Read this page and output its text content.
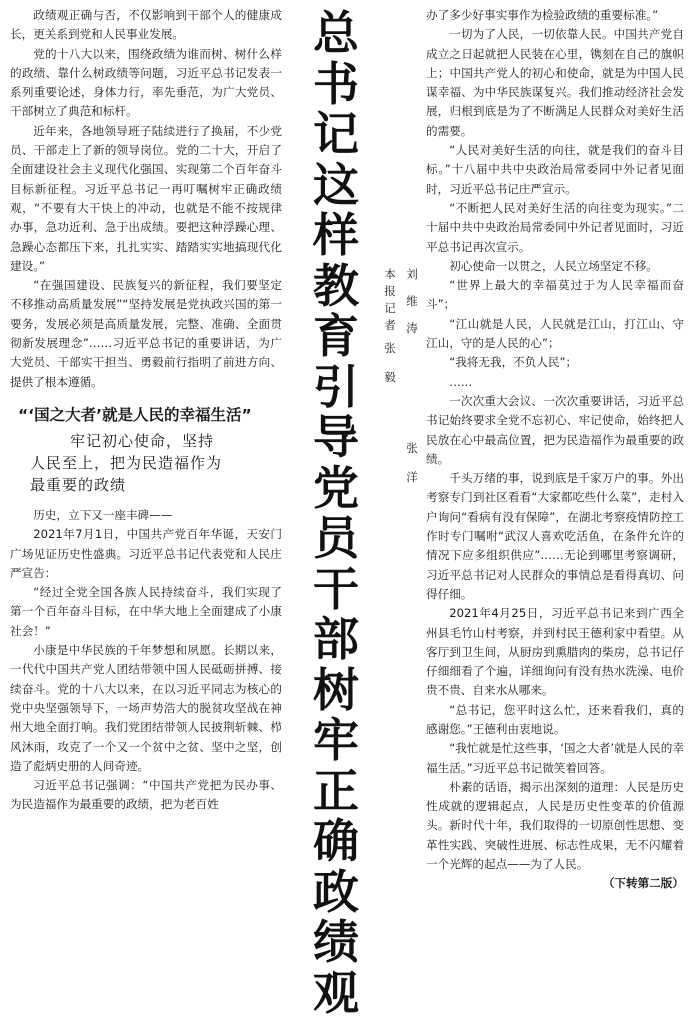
政绩观正确与否，不仅影响到干部个人的健康成长，更关系到党和人民事业发展。

党的十八大以来，围绕政绩为谁而树、树什么样的政绩、靠什么树政绩等问题，习近平总书记发表一系列重要论述，身体力行，率先垂范，为广大党员、干部树立了典范和标杆。

近年来，各地领导班子陆续进行了换届，不少党员、干部走上了新的领导岗位。党的二十大，开启了全面建设社会主义现代化强国、实现第二个百年奋斗目标新征程。习近平总书记一再叮嘱树牢正确政绩观，“不要有大干快上的冲动，也就是不能不按规律办事，急功近利、急于出成绩。要把这种浮躁心理、急躁心态都压下来，扎扎实实、踏踏实实地搞现代化建设。”

“在强国建设、民族复兴的新征程，我们要坚定不移推动高质量发展”“坚持发展是党执政兴国的第一要务，发展必须是高质量发展，完整、准确、全面贯彻新发展理念”……习近平总书记的重要讲话，为广大党员、干部实干担当、勇毅前行指明了前进方向、提供了根本遵循。

“‘国之大者’就是人民的幸福生活”
牢记初心使命，坚持
人民至上，把为民造福作为
最重要的政绩

历史，立下又一座丰碑——

2021年7月1日，中国共产党百年华诞，天安门广场见证历史性盛典。习近平总书记代表党和人民庄严宣告：

“经过全党全国各族人民持续奋斗，我们实现了第一个百年奋斗目标，在中华大地上全面建成了小康社会！”

小康是中华民族的千年梦想和夙愿。长期以来，一代代中国共产党人团结带领中国人民砥砺拼搏、接续奋斗。党的十八大以来，在以习近平同志为核心的党中央坚强领导下，一场声势浩大的脱贫攻坚战在神州大地全面打响。我们党团结带领人民披荆斩棘、栉风沐雨，攻克了一个又一个贫中之贫、坚中之坚，创造了彪炳史册的人间奇迹。

习近平总书记强调：“中国共产党把为民办事、为民造福作为最重要的政绩，把为老百姓

总
书
记
这
样
教
育
引
导
党
员
干
部
树
牢
正
确
政
绩
观
本
报
记
者
张
毅
刘
维
涛
张
洋

办了多少好事实事作为检验政绩的重要标准。”

一切为了人民，一切依靠人民。中国共产党自成立之日起就把人民装在心里，镌刻在自己的旗帜上；中国共产党人的初心和使命，就是为中国人民谋幸福、为中华民族谋复兴。我们推动经济社会发展，归根到底是为了不断满足人民群众对美好生活的需要。

“人民对美好生活的向往，就是我们的奋斗目标。”十八届中共中央政治局常委同中外记者见面时，习近平总书记庄严宣示。

“不断把人民对美好生活的向往变为现实。”二十届中共中央政治局常委同中外记者见面时，习近平总书记再次宣示。

初心使命一以贯之，人民立场坚定不移。

“世界上最大的幸福莫过于为人民幸福而奋斗”；

“江山就是人民，人民就是江山，打江山、守江山，守的是人民的心”；

“我将无我，不负人民”；

……

一次次重大会议、一次次重要讲话，习近平总书记始终要求全党不忘初心、牢记使命，始终把人民放在心中最高位置，把为民造福作为最重要的政绩。

千头万绪的事，说到底是千家万户的事。外出考察专门到社区看看“大家都吃些什么菜”，走村入户询问“看病有没有保障”，在湖北考察疫情防控工作时专门嘱咐“武汉人喜欢吃活鱼，在条件允许的情况下应多组织供应”……无论到哪里考察调研，习近平总书记对人民群众的事情总是看得真切、问得仔细。

2021年4月25日，习近平总书记来到广西全州县毛竹山村考察，并到村民王德利家中看望。从客厅到卫生间，从厨房到熏腊肉的柴房，总书记仔仔细细看了个遍，详细询问有没有热水洗澡、电价贵不贵、自来水从哪来。

“总书记，您平时这么忙，还来看我们，真的感谢您。”王德利由衷地说。

“我忙就是忙这些事，‘国之大者’就是人民的幸福生活。”习近平总书记微笑着回答。

朴素的话语，揭示出深刻的道理：人民是历史性成就的逻辑起点，人民是历史性变革的价值源头。新时代十年，我们取得的一切原创性思想、变革性实践、突破性进展、标志性成果，无不闪耀着一个光辉的起点——为了人民。

（下转第二版）
